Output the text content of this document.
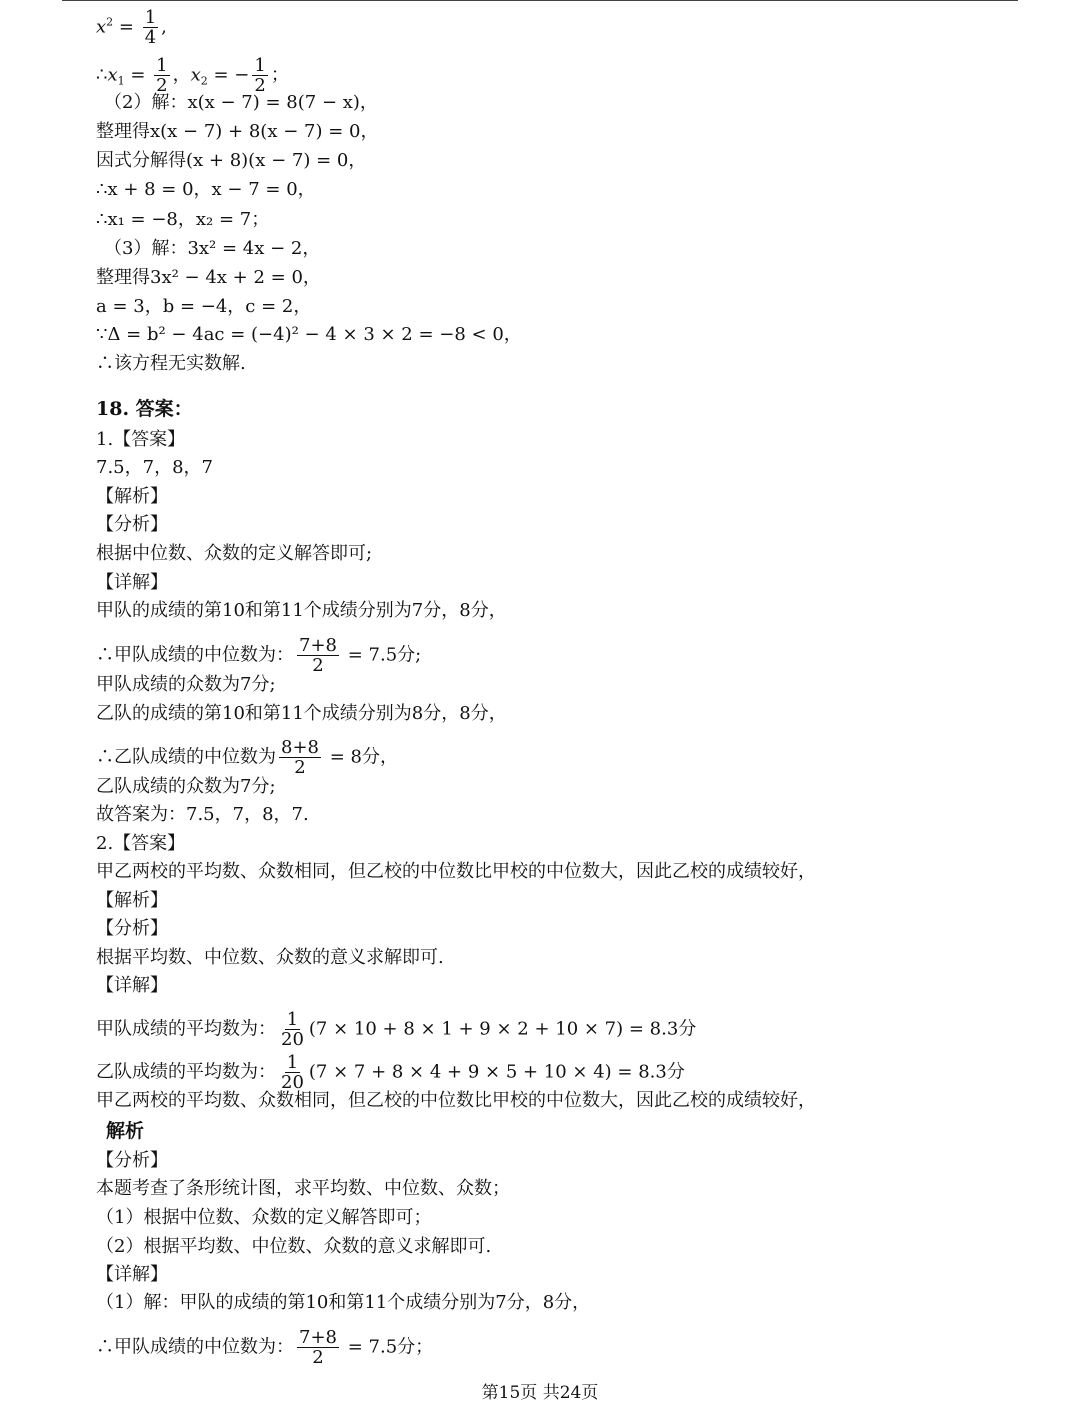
$x^2 = \frac{1}{4}$ ,
$\therefore x_1 = \frac{1}{2}$ ，$x_2$ = − $\frac{1}{2}$ ；
（2）解：x(x − 7) = 8(7 − x)，
整理得x(x − 7) + 8(x − 7) = 0，
因式分解得(x + 8)(x − 7) = 0，
∴x + 8 = 0，x − 7 = 0，
∴x₁ = −8，x₂ = 7；
（3）解：3x² = 4x − 2，
整理得3x² − 4x + 2 = 0，
a = 3，b = −4，c = 2，
∵Δ = b² − 4ac = (−4)² − 4 × 3 × 2 = −8 < 0，
∴该方程无实数解.
18. 答案：
1.【答案】
7.5，7，8，7
【解析】
【分析】
根据中位数、众数的定义解答即可;
【详解】
甲队的成绩的第10和第11个成绩分别为7分，8分，
∴甲队成绩的中位数为： $\frac{7+8}{2} = 7.5$分;
甲队成绩的众数为7分;
乙队的成绩的第10和第11个成绩分别为8分，8分，
∴乙队成绩的中位数为 $\frac{8+8}{2} = 8$分，
乙队成绩的众数为7分;
故答案为：7.5，7，8，7.
2.【答案】
甲乙两校的平均数、众数相同，但乙校的中位数比甲校的中位数大，因此乙校的成绩较好，
【解析】
【分析】
根据平均数、中位数、众数的意义求解即可.
【详解】
甲队成绩的平均数为： $\frac{1}{20} (7 \times 10 + 8 \times 1 + 9 \times 2 + 10 \times 7) = 8.3$分
乙队成绩的平均数为： $\frac{1}{20} (7 \times 7 + 8 \times 4 + 9 \times 5 + 10 \times 4) = 8.3$分
甲乙两校的平均数、众数相同，但乙校的中位数比甲校的中位数大，因此乙校的成绩较好，
解析
【分析】
本题考查了条形统计图，求平均数、中位数、众数；
（1）根据中位数、众数的定义解答即可；
（2）根据平均数、中位数、众数的意义求解即可.
【详解】
（1）解：甲队的成绩的第10和第11个成绩分别为7分，8分，
∴甲队成绩的中位数为： $\frac{7+8}{2} = 7.5$分；
第15页 共24页
